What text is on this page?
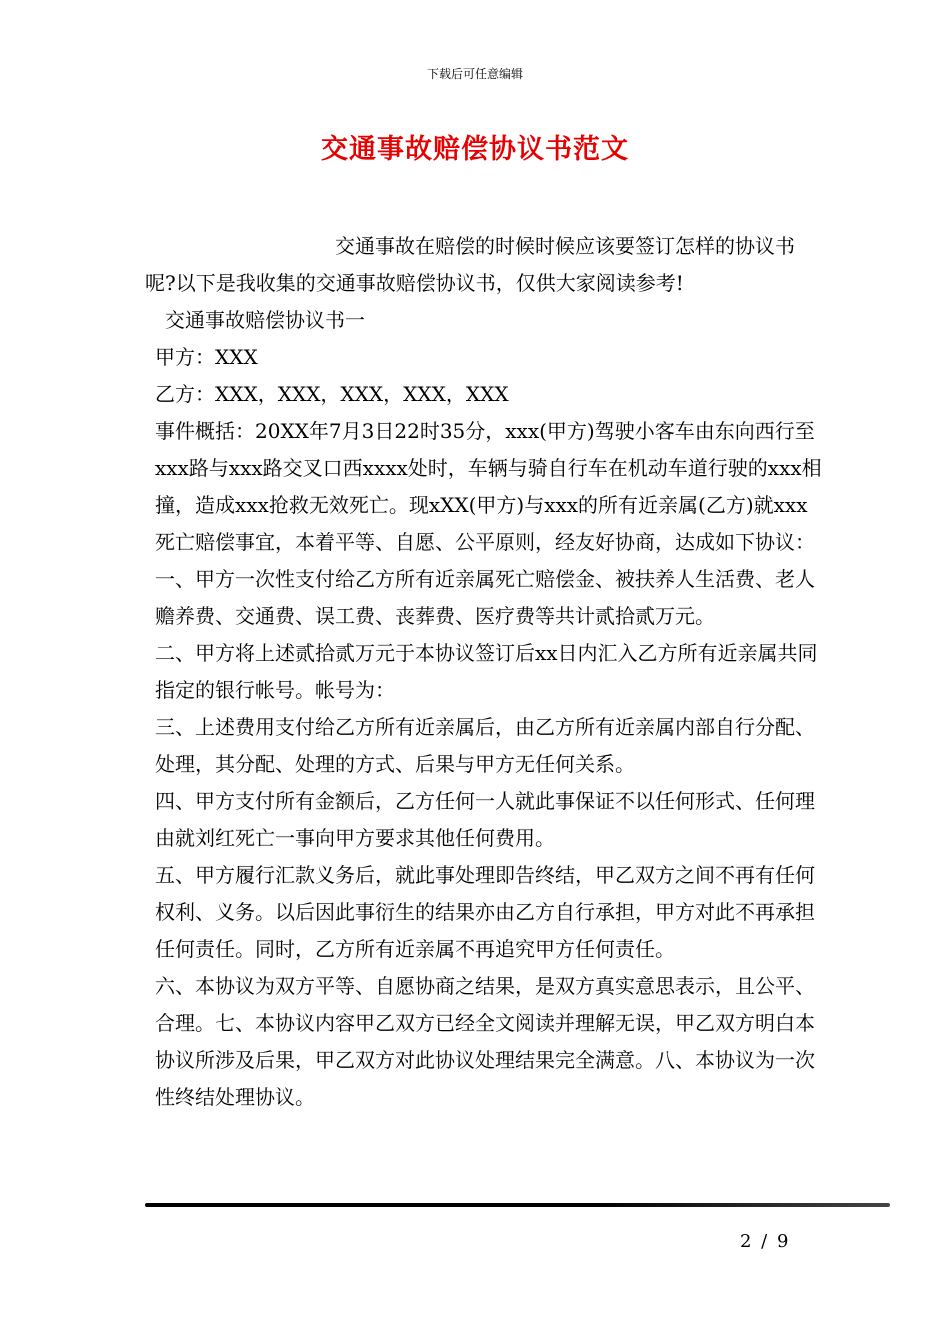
下载后可任意编辑
交通事故赔偿协议书范文

交通事故在赔偿的时候时候应该要签订怎样的协议书呢?以下是我收集的交通事故赔偿协议书，仅供大家阅读参考!

交通事故赔偿协议书一

甲方：XXX

乙方：XXX，XXX，XXX，XXX，XXX

事件概括：20XX年7月3日22时35分，xxx(甲方)驾驶小客车由东向西行至xxx路与xxx路交叉口西xxxx处时，车辆与骑自行车在机动车道行驶的xxx相撞，造成xxx抢救无效死亡。现xXX(甲方)与xxx的所有近亲属(乙方)就xxx死亡赔偿事宜，本着平等、自愿、公平原则，经友好协商，达成如下协议：一、甲方一次性支付给乙方所有近亲属死亡赔偿金、被扶养人生活费、老人赡养费、交通费、误工费、丧葬费、医疗费等共计贰拾贰万元。

二、甲方将上述贰拾贰万元于本协议签订后xx日内汇入乙方所有近亲属共同指定的银行帐号。帐号为：

三、上述费用支付给乙方所有近亲属后，由乙方所有近亲属内部自行分配、处理，其分配、处理的方式、后果与甲方无任何关系。

四、甲方支付所有金额后，乙方任何一人就此事保证不以任何形式、任何理由就刘红死亡一事向甲方要求其他任何费用。

五、甲方履行汇款义务后，就此事处理即告终结，甲乙双方之间不再有任何权利、义务。以后因此事衍生的结果亦由乙方自行承担，甲方对此不再承担任何责任。同时，乙方所有近亲属不再追究甲方任何责任。

六、本协议为双方平等、自愿协商之结果，是双方真实意思表示，且公平、合理。七、本协议内容甲乙双方已经全文阅读并理解无误，甲乙双方明白本协议所涉及后果，甲乙双方对此协议处理结果完全满意。八、本协议为一次性终结处理协议。

2 / 9
